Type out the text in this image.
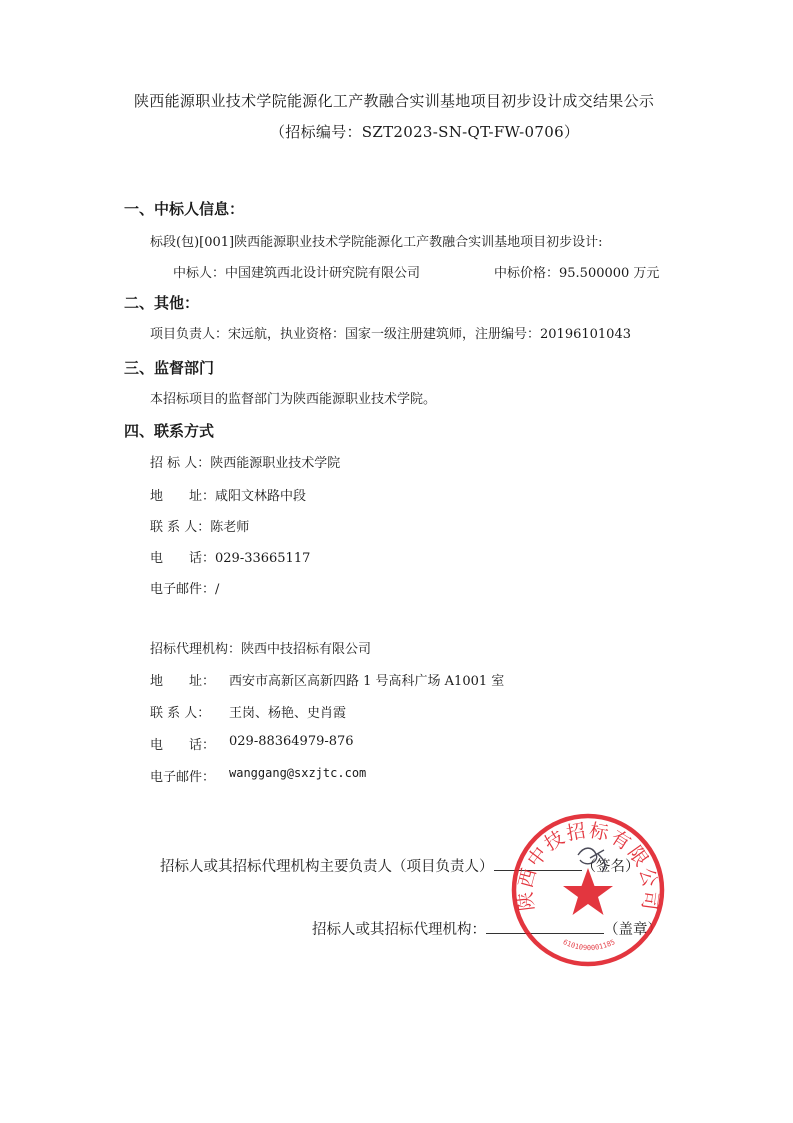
陕西能源职业技术学院能源化工产教融合实训基地项目初步设计成交结果公示
（招标编号：SZT2023-SN-QT-FW-0706）
一、中标人信息：
标段(包)[001]陕西能源职业技术学院能源化工产教融合实训基地项目初步设计:
中标人：中国建筑西北设计研究院有限公司	中标价格：95.500000 万元
二、其他：
项目负责人：宋远航，执业资格：国家一级注册建筑师，注册编号：20196101043
三、监督部门
本招标项目的监督部门为陕西能源职业技术学院。
四、联系方式
招 标 人：陕西能源职业技术学院
地　　址：咸阳文林路中段
联 系 人：陈老师
电　　话：029-33665117
电子邮件：/
招标代理机构：陕西中技招标有限公司
地　　址： 西安市高新区高新四路 1 号高科广场 A1001 室
联 系 人： 王岗、杨艳、史肖霞
电　　话： 029-88364979-876
电子邮件： wanggang@sxzjtc.com
招标人或其招标代理机构主要负责人（项目负责人）	（签名）
招标人或其招标代理机构：	（盖章）
陕西中技招标有限公司
6101090001185
